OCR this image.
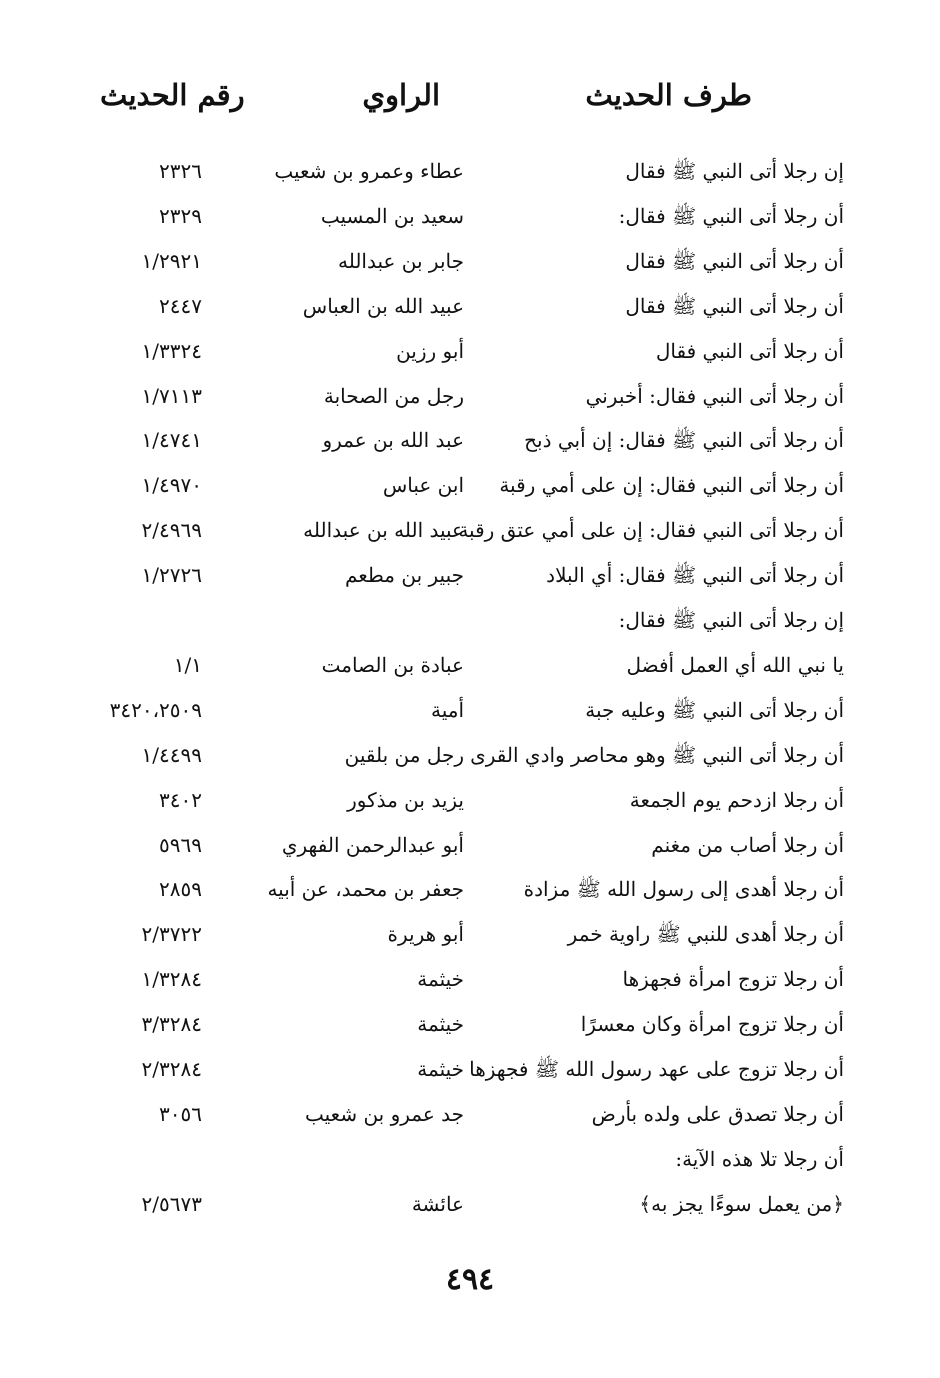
طرف الحديث
الراوي
رقم الحديث
إن رجلا أتى النبي ﷺ فقال
عطاء وعمرو بن شعيب
٢٣٢٦
أن رجلا أتى النبي ﷺ فقال:
سعيد بن المسيب
٢٣٢٩
أن رجلا أتى النبي ﷺ فقال
جابر بن عبدالله
١/٢٩٢١
أن رجلا أتى النبي ﷺ فقال
عبيد الله بن العباس
٢٤٤٧
أن رجلا أتى النبي فقال
أبو رزين
١/٣٣٢٤
أن رجلا أتى النبي فقال: أخبرني
رجل من الصحابة
١/٧١١٣
أن رجلا أتى النبي ﷺ فقال: إن أبي ذبح
عبد الله بن عمرو
١/٤٧٤١
أن رجلا أتى النبي فقال: إن على أمي رقبة
ابن عباس
١/٤٩٧٠
أن رجلا أتى النبي فقال: إن على أمي عتق رقبة
عبيد الله بن عبدالله
٢/٤٩٦٩
أن رجلا أتى النبي ﷺ فقال: أي البلاد
جبير بن مطعم
١/٢٧٢٦
إن رجلا أتى النبي ﷺ فقال:
يا نبي الله أي العمل أفضل
عبادة بن الصامت
١/١
أن رجلا أتى النبي ﷺ وعليه جبة
أمية
٣٤٢٠،٢٥٠٩
أن رجلا أتى النبي ﷺ وهو محاصر وادي القرى
رجل من بلقين
١/٤٤٩٩
أن رجلا ازدحم يوم الجمعة
يزيد بن مذكور
٣٤٠٢
أن رجلا أصاب من مغنم
أبو عبدالرحمن الفهري
٥٩٦٩
أن رجلا أهدى إلى رسول الله ﷺ مزادة
جعفر بن محمد، عن أبيه
٢٨٥٩
أن رجلا أهدى للنبي ﷺ راوية خمر
أبو هريرة
٢/٣٧٢٢
أن رجلا تزوج امرأة فجهزها
خيثمة
١/٣٢٨٤
أن رجلا تزوج امرأة وكان معسرًا
خيثمة
٣/٣٢٨٤
أن رجلا تزوج على عهد رسول الله ﷺ فجهزها
خيثمة
٢/٣٢٨٤
أن رجلا تصدق على ولده بأرض
جد عمرو بن شعيب
٣٠٥٦
أن رجلا تلا هذه الآية:
﴿من يعمل سوءًا يجز به﴾
عائشة
٢/٥٦٧٣
٤٩٤
